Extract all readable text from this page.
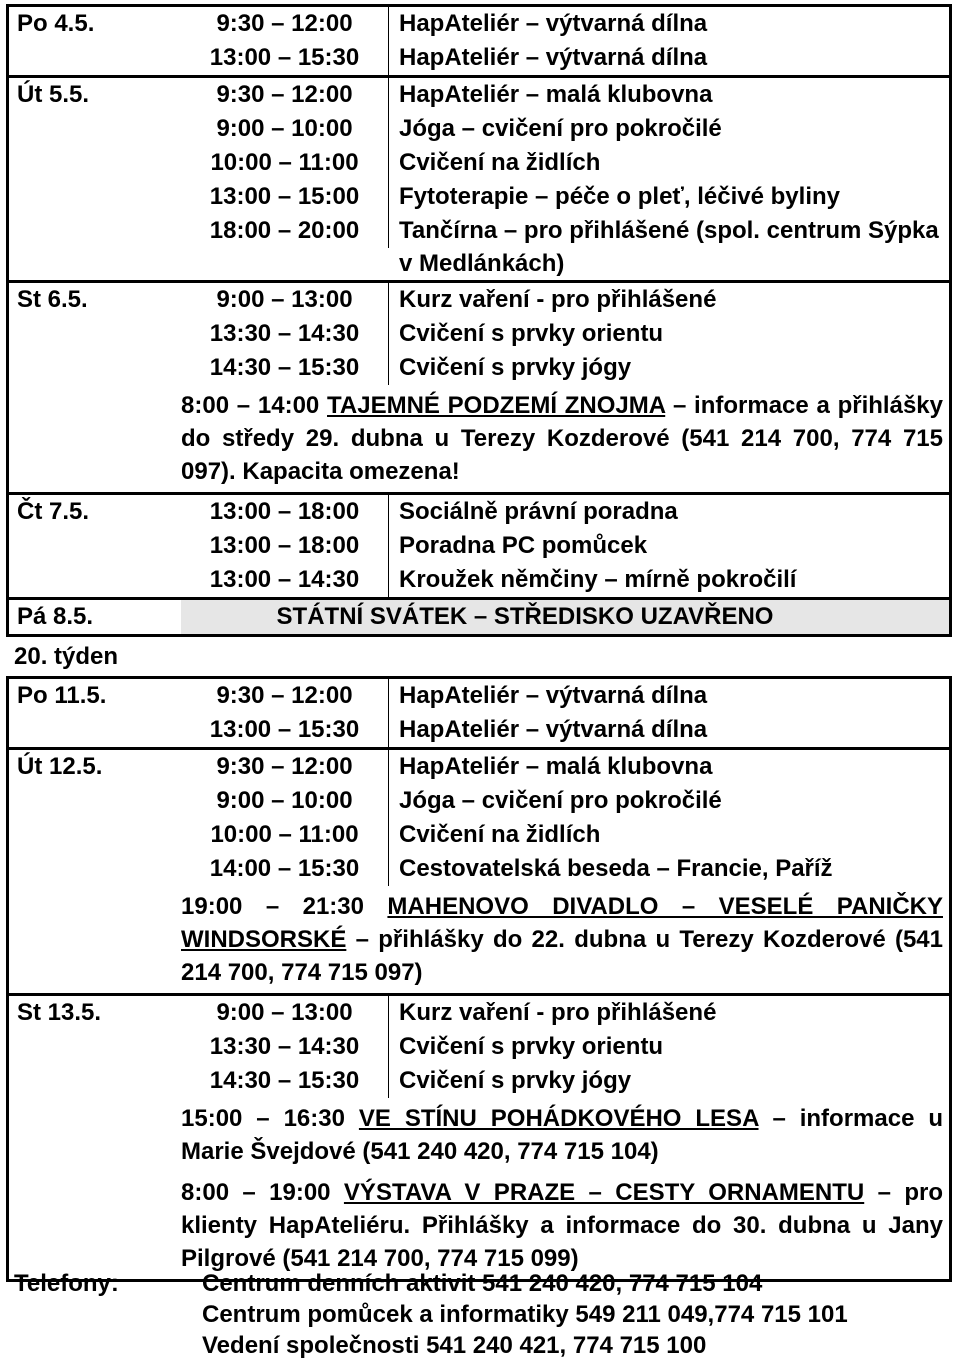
Po 4.5.	9:30 – 12:00	HapAteliér – výtvarná dílna
13:00 – 15:30	HapAteliér – výtvarná dílna
Út 5.5.	9:30 – 12:00	HapAteliér – malá klubovna
9:00 – 10:00	Jóga – cvičení pro pokročilé
10:00 – 11:00	Cvičení na židlích
13:00 – 15:00	Fytoterapie – péče o pleť, léčivé byliny
18:00 – 20:00	Tančírna – pro přihlášené (spol. centrum Sýpka v Medlánkách)
St 6.5.	9:00 – 13:00	Kurz vaření - pro přihlášené
13:30 – 14:30	Cvičení s prvky orientu
14:30 – 15:30	Cvičení s prvky jógy
8:00 – 14:00 TAJEMNÉ PODZEMÍ ZNOJMA – informace a přihlášky do středy 29. dubna u Terezy Kozderové (541 214 700, 774 715 097). Kapacita omezena!
Čt 7.5.	13:00 – 18:00	Sociálně právní poradna
13:00 – 18:00	Poradna PC pomůcek
13:00 – 14:30	Kroužek němčiny – mírně pokročilí
Pá 8.5.	STÁTNÍ SVÁTEK – STŘEDISKO UZAVŘENO
20. týden
Po 11.5.	9:30 – 12:00	HapAteliér – výtvarná dílna
13:00 – 15:30	HapAteliér – výtvarná dílna
Út 12.5.	9:30 – 12:00	HapAteliér – malá klubovna
9:00 – 10:00	Jóga – cvičení pro pokročilé
10:00 – 11:00	Cvičení na židlích
14:00 – 15:30	Cestovatelská beseda – Francie, Paříž
19:00 – 21:30 MAHENOVO DIVADLO – VESELÉ PANIČKY WINDSORSKÉ – přihlášky do 22. dubna u Terezy Kozderové (541 214 700, 774 715 097)
St 13.5.	9:00 – 13:00	Kurz vaření - pro přihlášené
13:30 – 14:30	Cvičení s prvky orientu
14:30 – 15:30	Cvičení s prvky jógy
15:00 – 16:30 VE STÍNU POHÁDKOVÉHO LESA – informace u Marie Švejdové (541 240 420, 774 715 104)
8:00 – 19:00 VÝSTAVA V PRAZE – CESTY ORNAMENTU – pro klienty HapAteliéru. Přihlášky a informace do 30. dubna u Jany Pilgrové (541 214 700, 774 715 099)
Telefony:	Centrum denních aktivit 541 240 420, 774 715 104
Centrum pomůcek a informatiky 549 211 049,774 715 101
Vedení společnosti 541 240 421, 774 715 100
